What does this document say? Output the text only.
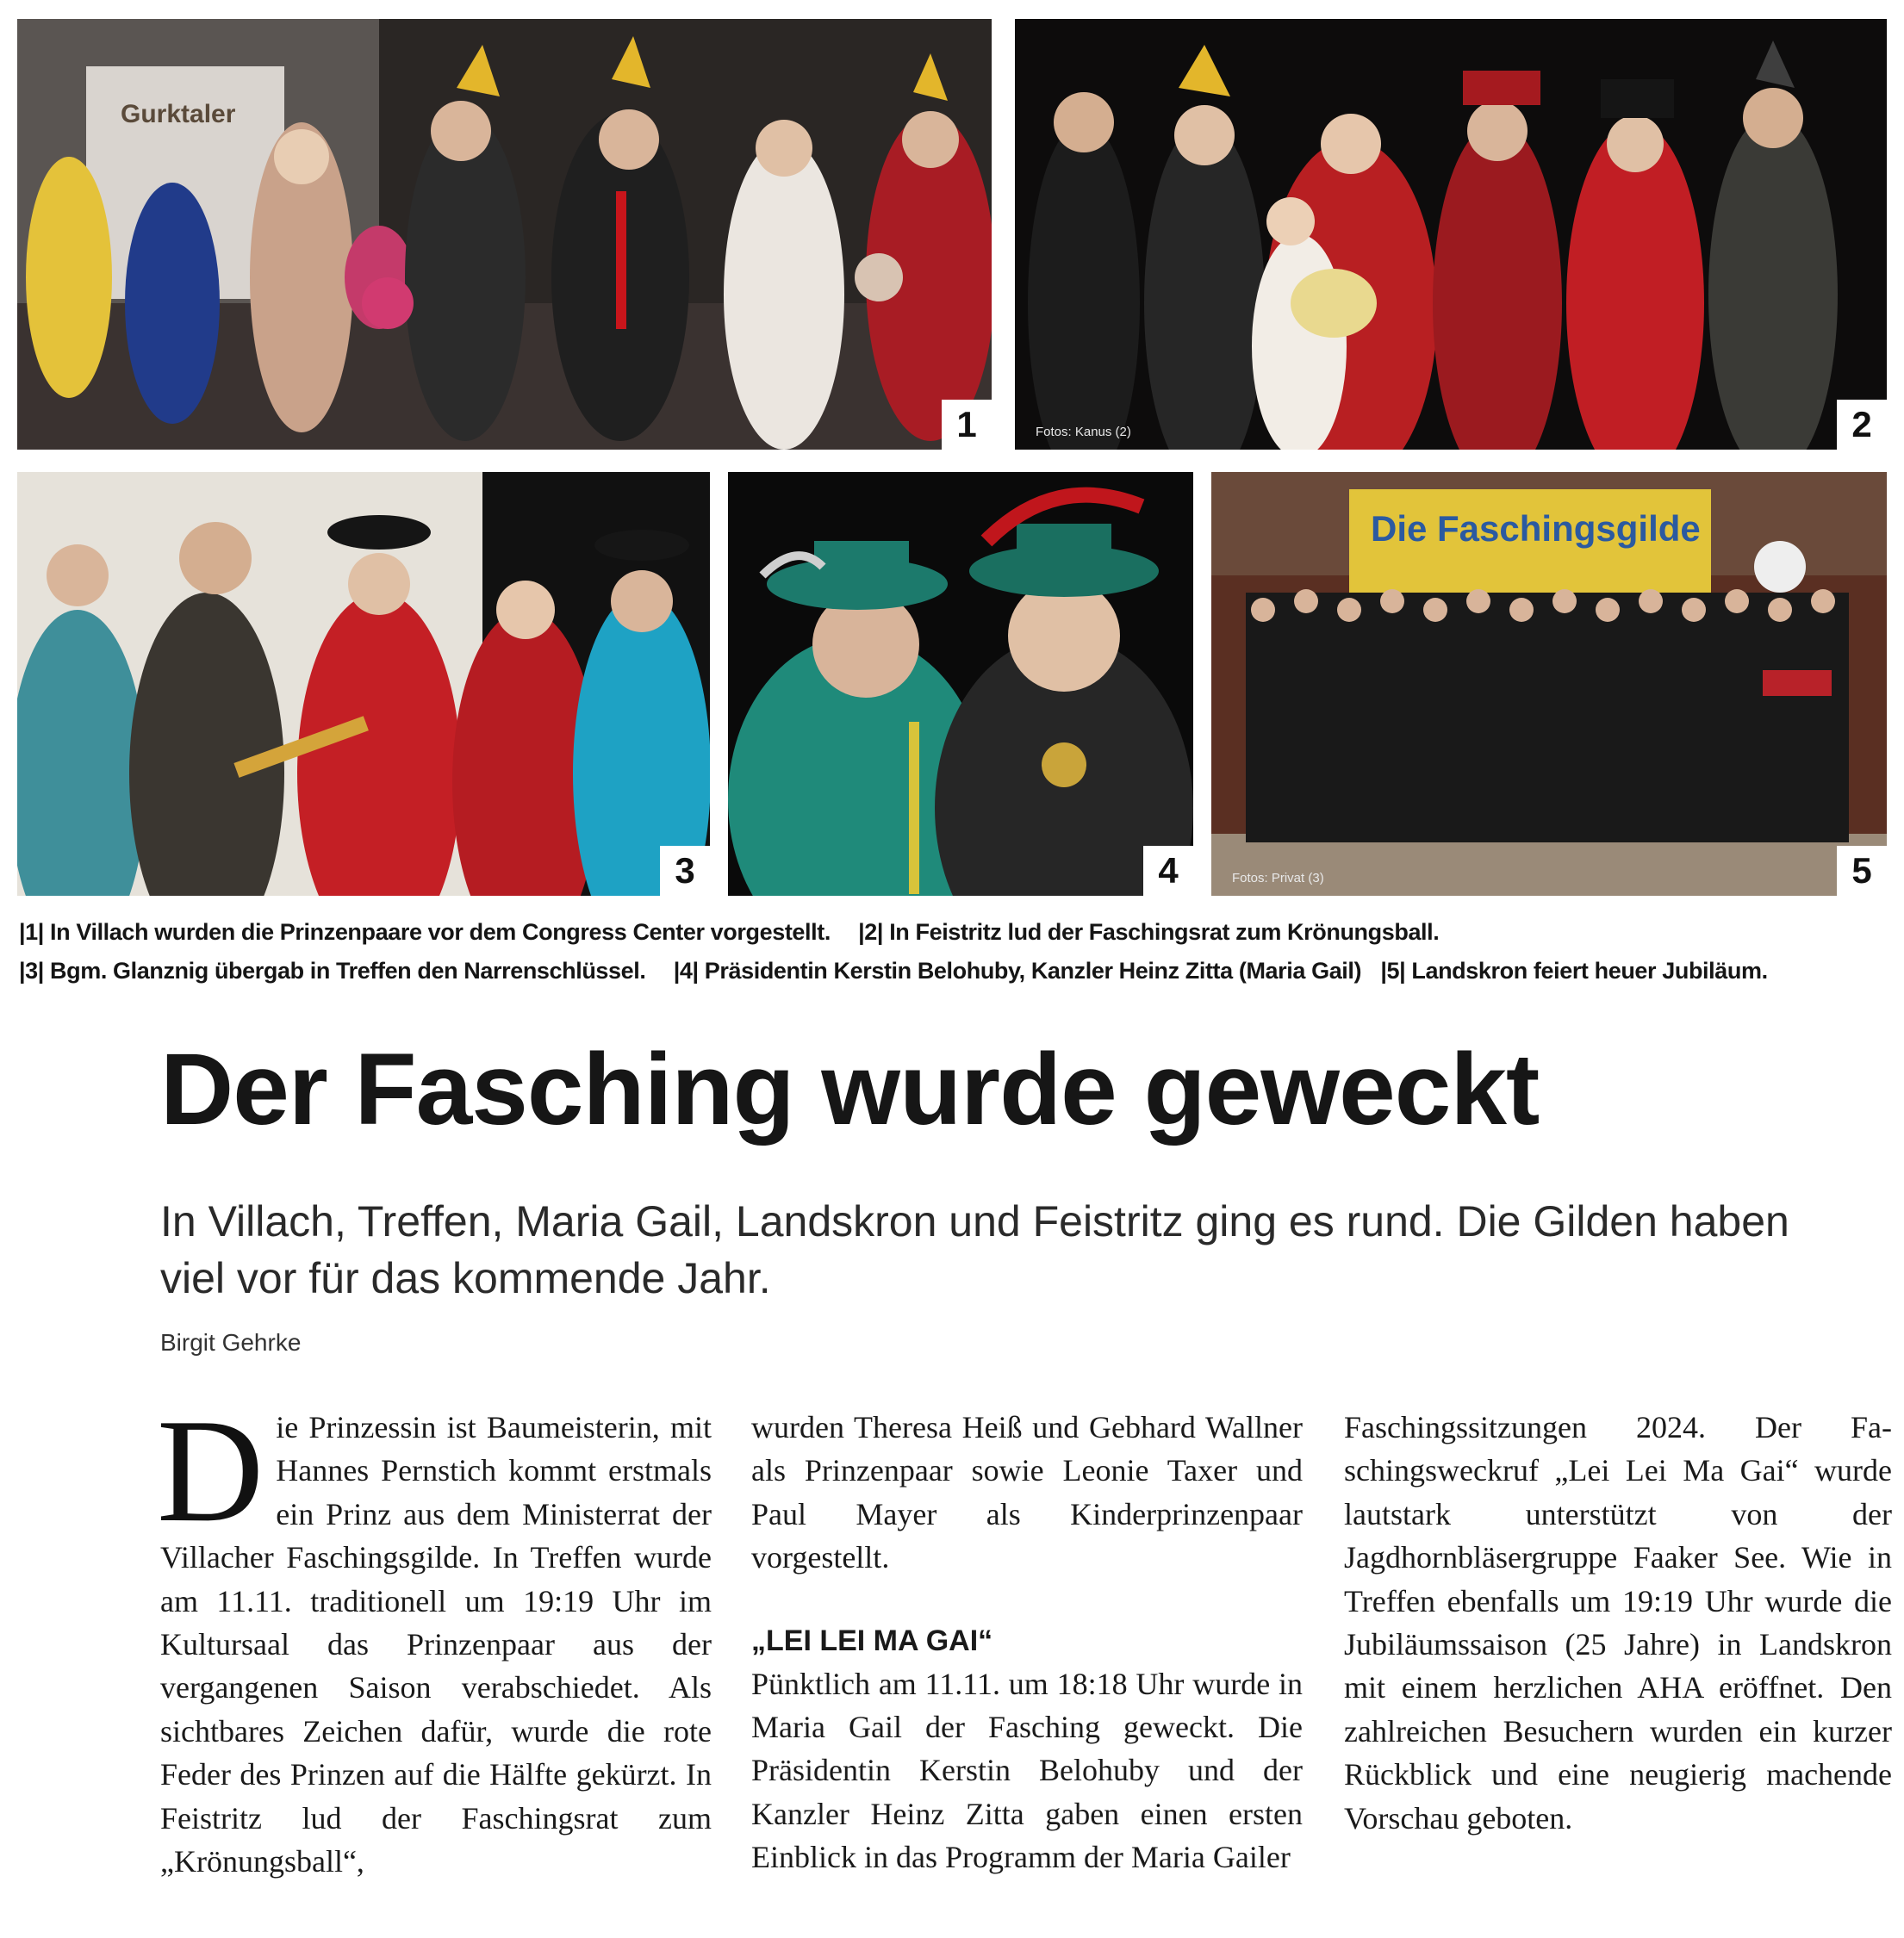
Gurktaler
1	Fotos: Kanus (2)	2
3	4
Die Faschingsgilde
Fotos: Privat (3)	5
|1| In Villach wurden die Prinzenpaare vor dem Congress Center vorgestellt. |2| In Feistritz lud der Faschingsrat zum Krönungsball.
|3| Bgm. Glanznig übergab in Treffen den Narrenschlüssel. |4| Präsidentin Kerstin Belohuby, Kanzler Heinz Zitta (Maria Gail) |5| Landskron feiert heuer Jubiläum.
Der Fasching wurde geweckt

In Villach, Treffen, Maria Gail, Landskron und Feistritz ging es rund. Die Gilden haben viel vor für das kommende Jahr.

Birgit Gehrke
D ie Prinzessin ist Baumeisterin, mit Hannes Pernstich kommt erstmals ein Prinz aus dem Ministerrat der Villacher Faschingsgilde. In Treffen wurde am 11.11. traditionell um 19:19 Uhr im Kultursaal das Prinzenpaar aus der vergangenen Saison verabschiedet. Als sichtbares Zeichen dafür, wurde die rote Feder des Prinzen auf die Hälfte gekürzt. In Feistritz lud der Faschingsrat zum „Krönungsball“,

wurden Theresa Heiß und Gebhard Wallner als Prinzenpaar sowie Leonie Taxer und Paul Mayer als Kinderprinzenpaar vorgestellt.

„LEI LEI MA GAI“

Pünktlich am 11.11. um 18:18 Uhr wurde in Maria Gail der Fasching geweckt. Die Präsidentin Kerstin Belohuby und der Kanzler Heinz Zitta gaben einen ersten Einblick in das Programm der Maria Gailer

Faschingssitzungen 2024. Der Faschingsweckruf „Lei Lei Ma Gai“ wurde lautstark unterstützt von der Jagdhornbläsergruppe Faaker See. Wie in Treffen ebenfalls um 19:19 Uhr wurde die Jubiläumssaison (25 Jahre) in Landskron mit einem herzlichen AHA eröffnet. Den zahlreichen Besuchern wurden ein kurzer Rückblick und eine neugierig machende Vorschau geboten.
